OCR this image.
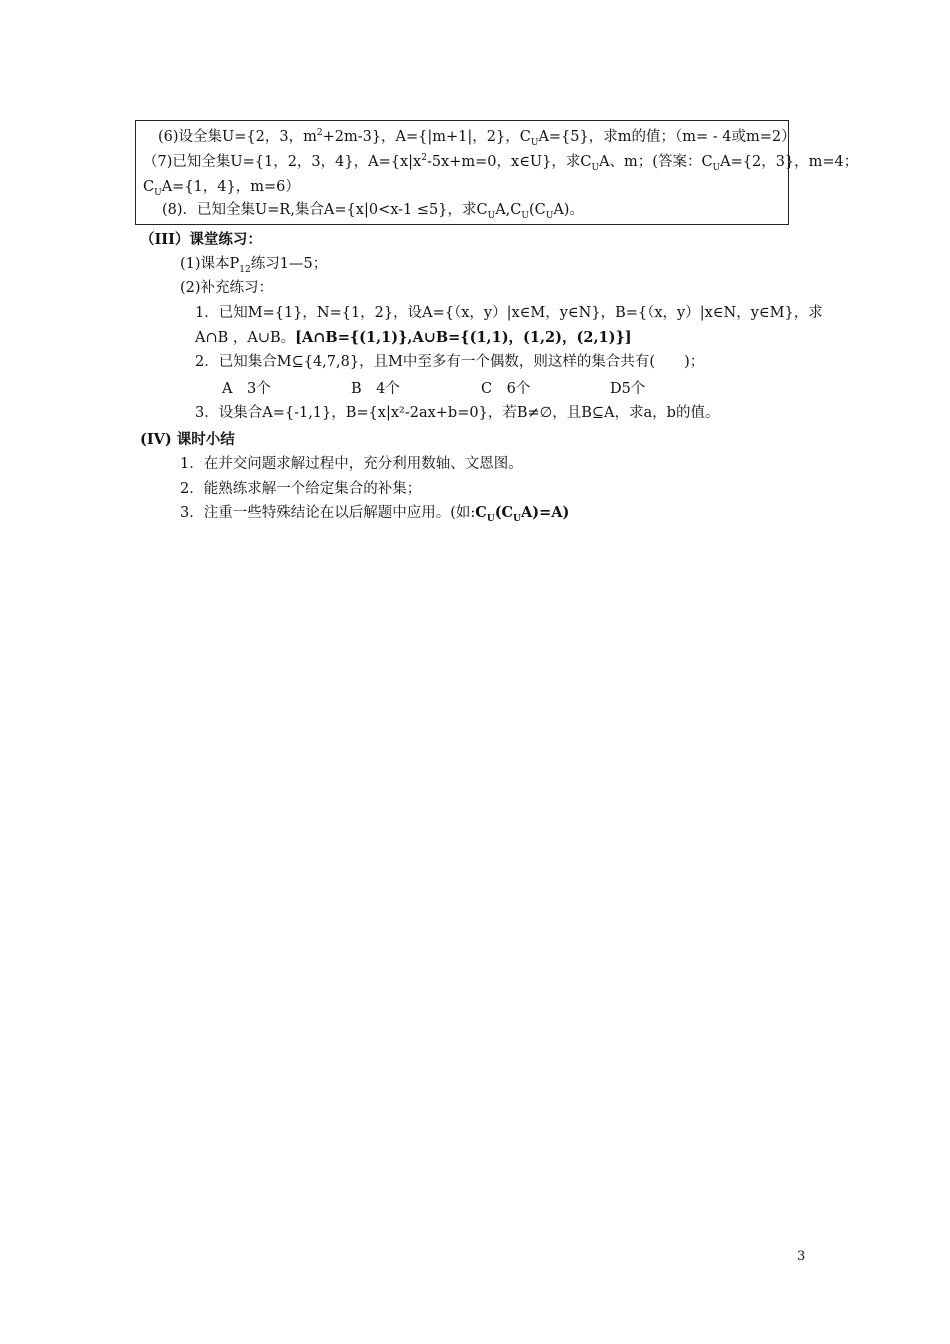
(6)设全集U={2，3，$m^2+2m-3$}，A={|m+1|，2}，$C_UA=\{5\}$，求m的值；（m= - 4或m=2）
（7)已知全集U={1，2，3，4}，$A=\{x|x^2-5x+m=0$，x∈U}，求$C_UA$、m；(答案：$C_UA=\{2$，3}，m=4；
$C_UA=\{1$，4}，m=6）
(8)．已知全集U=R,集合A={x|0<x-1 ≤5}，求$C_UA,C_U(C_UA)$。
（III）课堂练习：
(1)课本$P_{12}$练习1—5；
(2)补充练习：
1．已知M={1}，N={1，2}，设A={（x，y）|x∈M，y∈N}，B={（x，y）|x∈N，y∈M}，求
A∩B ，A∪B。[A∩B={(1,1)},A∪B={(1,1)，(1,2)，(2,1)}]
2．已知集合M⊆{4,7,8}，且M中至多有一个偶数，则这样的集合共有(　　)；
A　3个	B　4个	C　6个	D5个
3．设集合A={-1,1}，B={x|x²-2ax+b=0}，若B≠∅，且B⊆A，求a，b的值。
(IV) 课时小结
1．在并交问题求解过程中，充分利用数轴、文恩图。
2．能熟练求解一个给定集合的补集；
3．注重一些特殊结论在以后解题中应用。(如$:C_U(C_UA)=A$)
3
